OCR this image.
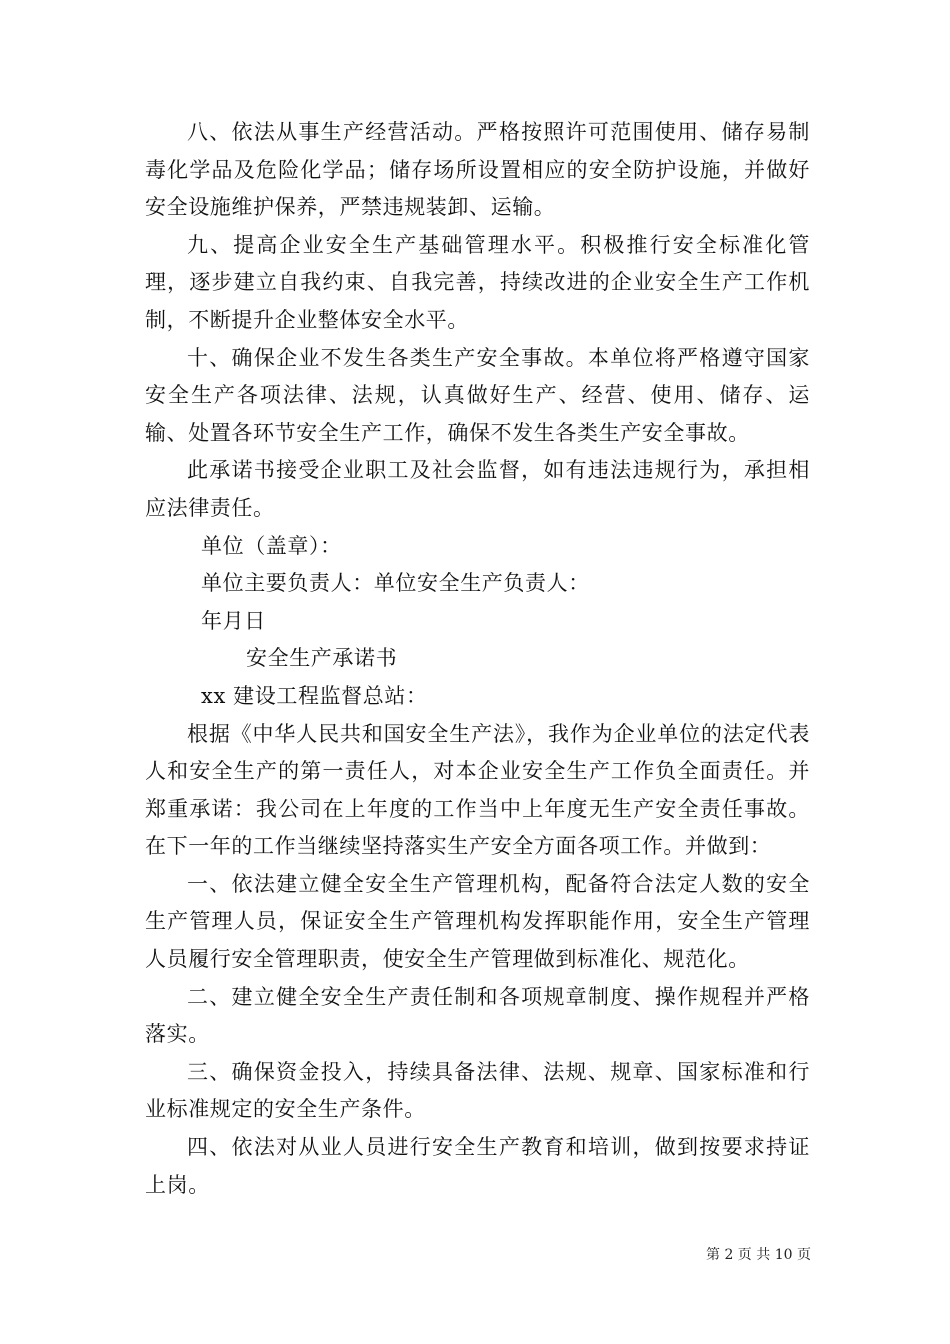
八、依法从事生产经营活动。严格按照许可范围使用、储存易制毒化学品及危险化学品；储存场所设置相应的安全防护设施，并做好安全设施维护保养，严禁违规装卸、运输。

九、提高企业安全生产基础管理水平。积极推行安全标准化管理，逐步建立自我约束、自我完善，持续改进的企业安全生产工作机制，不断提升企业整体安全水平。

十、确保企业不发生各类生产安全事故。本单位将严格遵守国家安全生产各项法律、法规，认真做好生产、经营、使用、储存、运输、处置各环节安全生产工作，确保不发生各类生产安全事故。

此承诺书接受企业职工及社会监督，如有违法违规行为，承担相应法律责任。

单位（盖章）：

单位主要负责人：单位安全生产负责人：

年月日

安全生产承诺书

xx 建设工程监督总站：

根据《中华人民共和国安全生产法》，我作为企业单位的法定代表人和安全生产的第一责任人，对本企业安全生产工作负全面责任。并郑重承诺：我公司在上年度的工作当中上年度无生产安全责任事故。在下一年的工作当继续坚持落实生产安全方面各项工作。并做到：

一、依法建立健全安全生产管理机构，配备符合法定人数的安全生产管理人员，保证安全生产管理机构发挥职能作用，安全生产管理人员履行安全管理职责，使安全生产管理做到标准化、规范化。

二、建立健全安全生产责任制和各项规章制度、操作规程并严格落实。

三、确保资金投入，持续具备法律、法规、规章、国家标准和行业标准规定的安全生产条件。

四、依法对从业人员进行安全生产教育和培训，做到按要求持证上岗。

第 2 页 共 10 页
